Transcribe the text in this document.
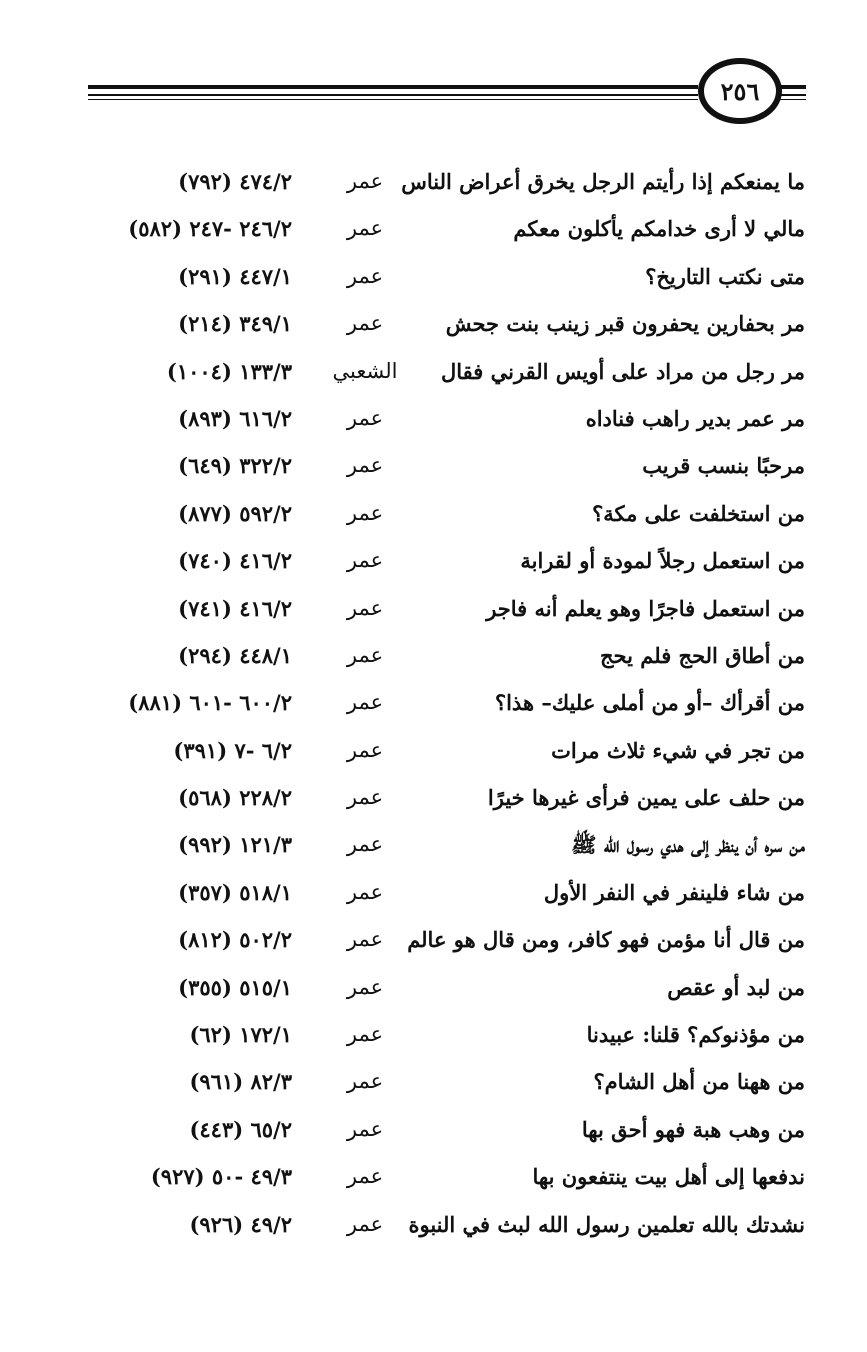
٢٥٦
ما يمنعكم إذا رأيتم الرجل يخرق أعراض الناس
عمر
٤٧٤/٢ (٧٩٢)
مالي لا أرى خدامكم يأكلون معكم
عمر
٢٤٦/٢ -٢٤٧ (٥٨٢)
متى نكتب التاريخ؟
عمر
٤٤٧/١ (٢٩١)
مر بحفارين يحفرون قبر زينب بنت جحش
عمر
٣٤٩/١ (٢١٤)
مر رجل من مراد على أويس القرني فقال
الشعبي
١٣٣/٣ (١٠٠٤)
مر عمر بدير راهب فناداه
عمر
٦١٦/٢ (٨٩٣)
مرحبًا بنسب قريب
عمر
٣٢٢/٢ (٦٤٩)
من استخلفت على مكة؟
عمر
٥٩٢/٢ (٨٧٧)
من استعمل رجلاً لمودة أو لقرابة
عمر
٤١٦/٢ (٧٤٠)
من استعمل فاجرًا وهو يعلم أنه فاجر
عمر
٤١٦/٢ (٧٤١)
من أطاق الحج فلم يحج
عمر
٤٤٨/١ (٢٩٤)
من أقرأك –أو من أملى عليك– هذا؟
عمر
٦٠٠/٢ -٦٠١ (٨٨١)
من تجر في شيء ثلاث مرات
عمر
٦/٢ -٧ (٣٩١)
من حلف على يمين فرأى غيرها خيرًا
عمر
٢٢٨/٢ (٥٦٨)
من سره أن ينظر إلى هدي رسول الله ﷺ
عمر
١٢١/٣ (٩٩٢)
من شاء فلينفر في النفر الأول
عمر
٥١٨/١ (٣٥٧)
من قال أنا مؤمن فهو كافر، ومن قال هو عالم
عمر
٥٠٢/٢ (٨١٢)
من لبد أو عقص
عمر
٥١٥/١ (٣٥٥)
من مؤذنوكم؟ قلنا: عبيدنا
عمر
١٧٢/١ (٦٢)
من ههنا من أهل الشام؟
عمر
٨٢/٣ (٩٦١)
من وهب هبة فهو أحق بها
عمر
٦٥/٢ (٤٤٣)
ندفعها إلى أهل بيت ينتفعون بها
عمر
٤٩/٣ -٥٠ (٩٢٧)
نشدتك بالله تعلمين رسول الله لبث في النبوة
عمر
٤٩/٢ (٩٢٦)
